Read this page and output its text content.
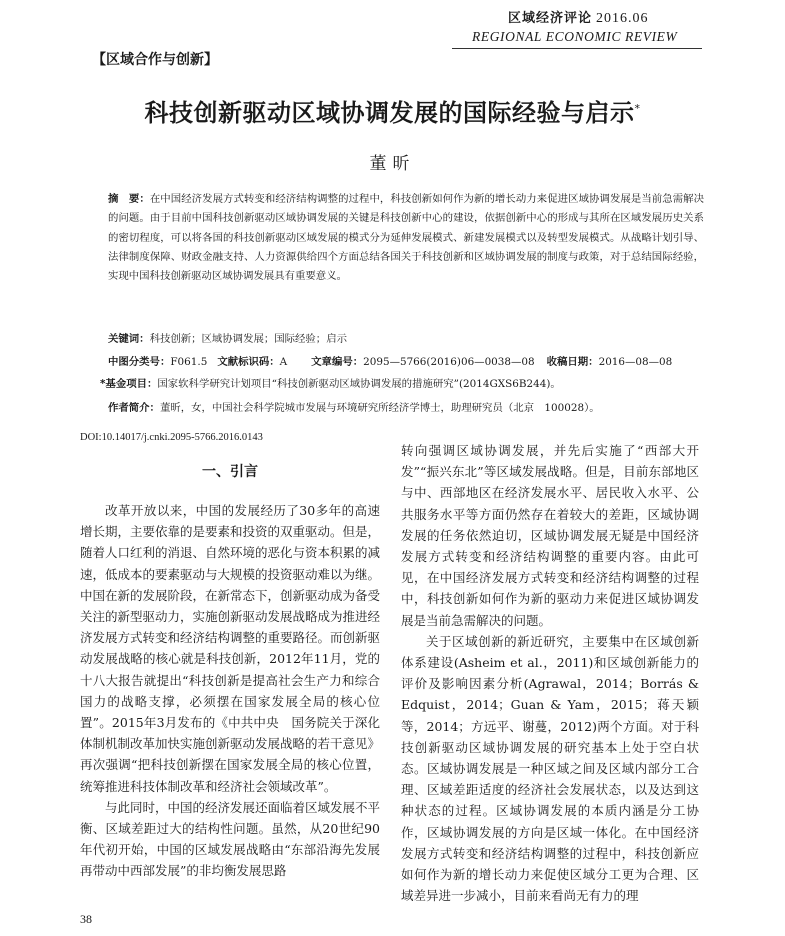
区域经济评论 2016.06
REGIONAL ECONOMIC REVIEW
【区域合作与创新】
科技创新驱动区域协调发展的国际经验与启示*
董昕
摘　要：在中国经济发展方式转变和经济结构调整的过程中，科技创新如何作为新的增长动力来促进区域协调发展是当前急需解决的问题。由于目前中国科技创新驱动区域协调发展的关键是科技创新中心的建设，依据创新中心的形成与其所在区域发展历史关系的密切程度，可以将各国的科技创新驱动区域发展的模式分为延伸发展模式、新建发展模式以及转型发展模式。从战略计划引导、法律制度保障、财政金融支持、人力资源供给四个方面总结各国关于科技创新和区域协调发展的制度与政策，对于总结国际经验，实现中国科技创新驱动区域协调发展具有重要意义。
关键词：科技创新；区域协调发展；国际经验；启示
中图分类号：F061.5 文献标识码：A 文章编号：2095—5766(2016)06—0038—08 收稿日期：2016—08—08
*基金项目：国家软科学研究计划项目“科技创新驱动区域协调发展的措施研究”(2014GXS6B244)。
作者简介：董昕，女，中国社会科学院城市发展与环境研究所经济学博士，助理研究员（北京　100028）。
DOI:10.14017/j.cnki.2095-5766.2016.0143
一、引言

改革开放以来，中国的发展经历了30多年的高速增长期，主要依靠的是要素和投资的双重驱动。但是，随着人口红利的消退、自然环境的恶化与资本积累的减速，低成本的要素驱动与大规模的投资驱动难以为继。中国在新的发展阶段，在新常态下，创新驱动成为备受关注的新型驱动力，实施创新驱动发展战略成为推进经济发展方式转变和经济结构调整的重要路径。而创新驱动发展战略的核心就是科技创新，2012年11月，党的十八大报告就提出“科技创新是提高社会生产力和综合国力的战略支撑，必须摆在国家发展全局的核心位置”。2015年3月发布的《中共中央　国务院关于深化体制机制改革加快实施创新驱动发展战略的若干意见》再次强调“把科技创新摆在国家发展全局的核心位置，统筹推进科技体制改革和经济社会领域改革”。

与此同时，中国的经济发展还面临着区域发展不平衡、区域差距过大的结构性问题。虽然，从20世纪90年代初开始，中国的区域发展战略由“东部沿海先发展再带动中西部发展”的非均衡发展思路

转向强调区域协调发展，并先后实施了“西部大开发”“振兴东北”等区域发展战略。但是，目前东部地区与中、西部地区在经济发展水平、居民收入水平、公共服务水平等方面仍然存在着较大的差距，区域协调发展的任务依然迫切，区域协调发展无疑是中国经济发展方式转变和经济结构调整的重要内容。由此可见，在中国经济发展方式转变和经济结构调整的过程中，科技创新如何作为新的驱动力来促进区域协调发展是当前急需解决的问题。

关于区域创新的新近研究，主要集中在区域创新体系建设(Asheim et al.，2011)和区域创新能力的评价及影响因素分析(Agrawal，2014；Borrás & Edquist，2014；Guan & Yam，2015；蒋天颖等，2014；方远平、谢蔓，2012)两个方面。对于科技创新驱动区域协调发展的研究基本上处于空白状态。区域协调发展是一种区域之间及区域内部分工合理、区域差距适度的经济社会发展状态，以及达到这种状态的过程。区域协调发展的本质内涵是分工协作，区域协调发展的方向是区域一体化。在中国经济发展方式转变和经济结构调整的过程中，科技创新应如何作为新的增长动力来促使区域分工更为合理、区域差异进一步减小，目前来看尚无有力的理

38
